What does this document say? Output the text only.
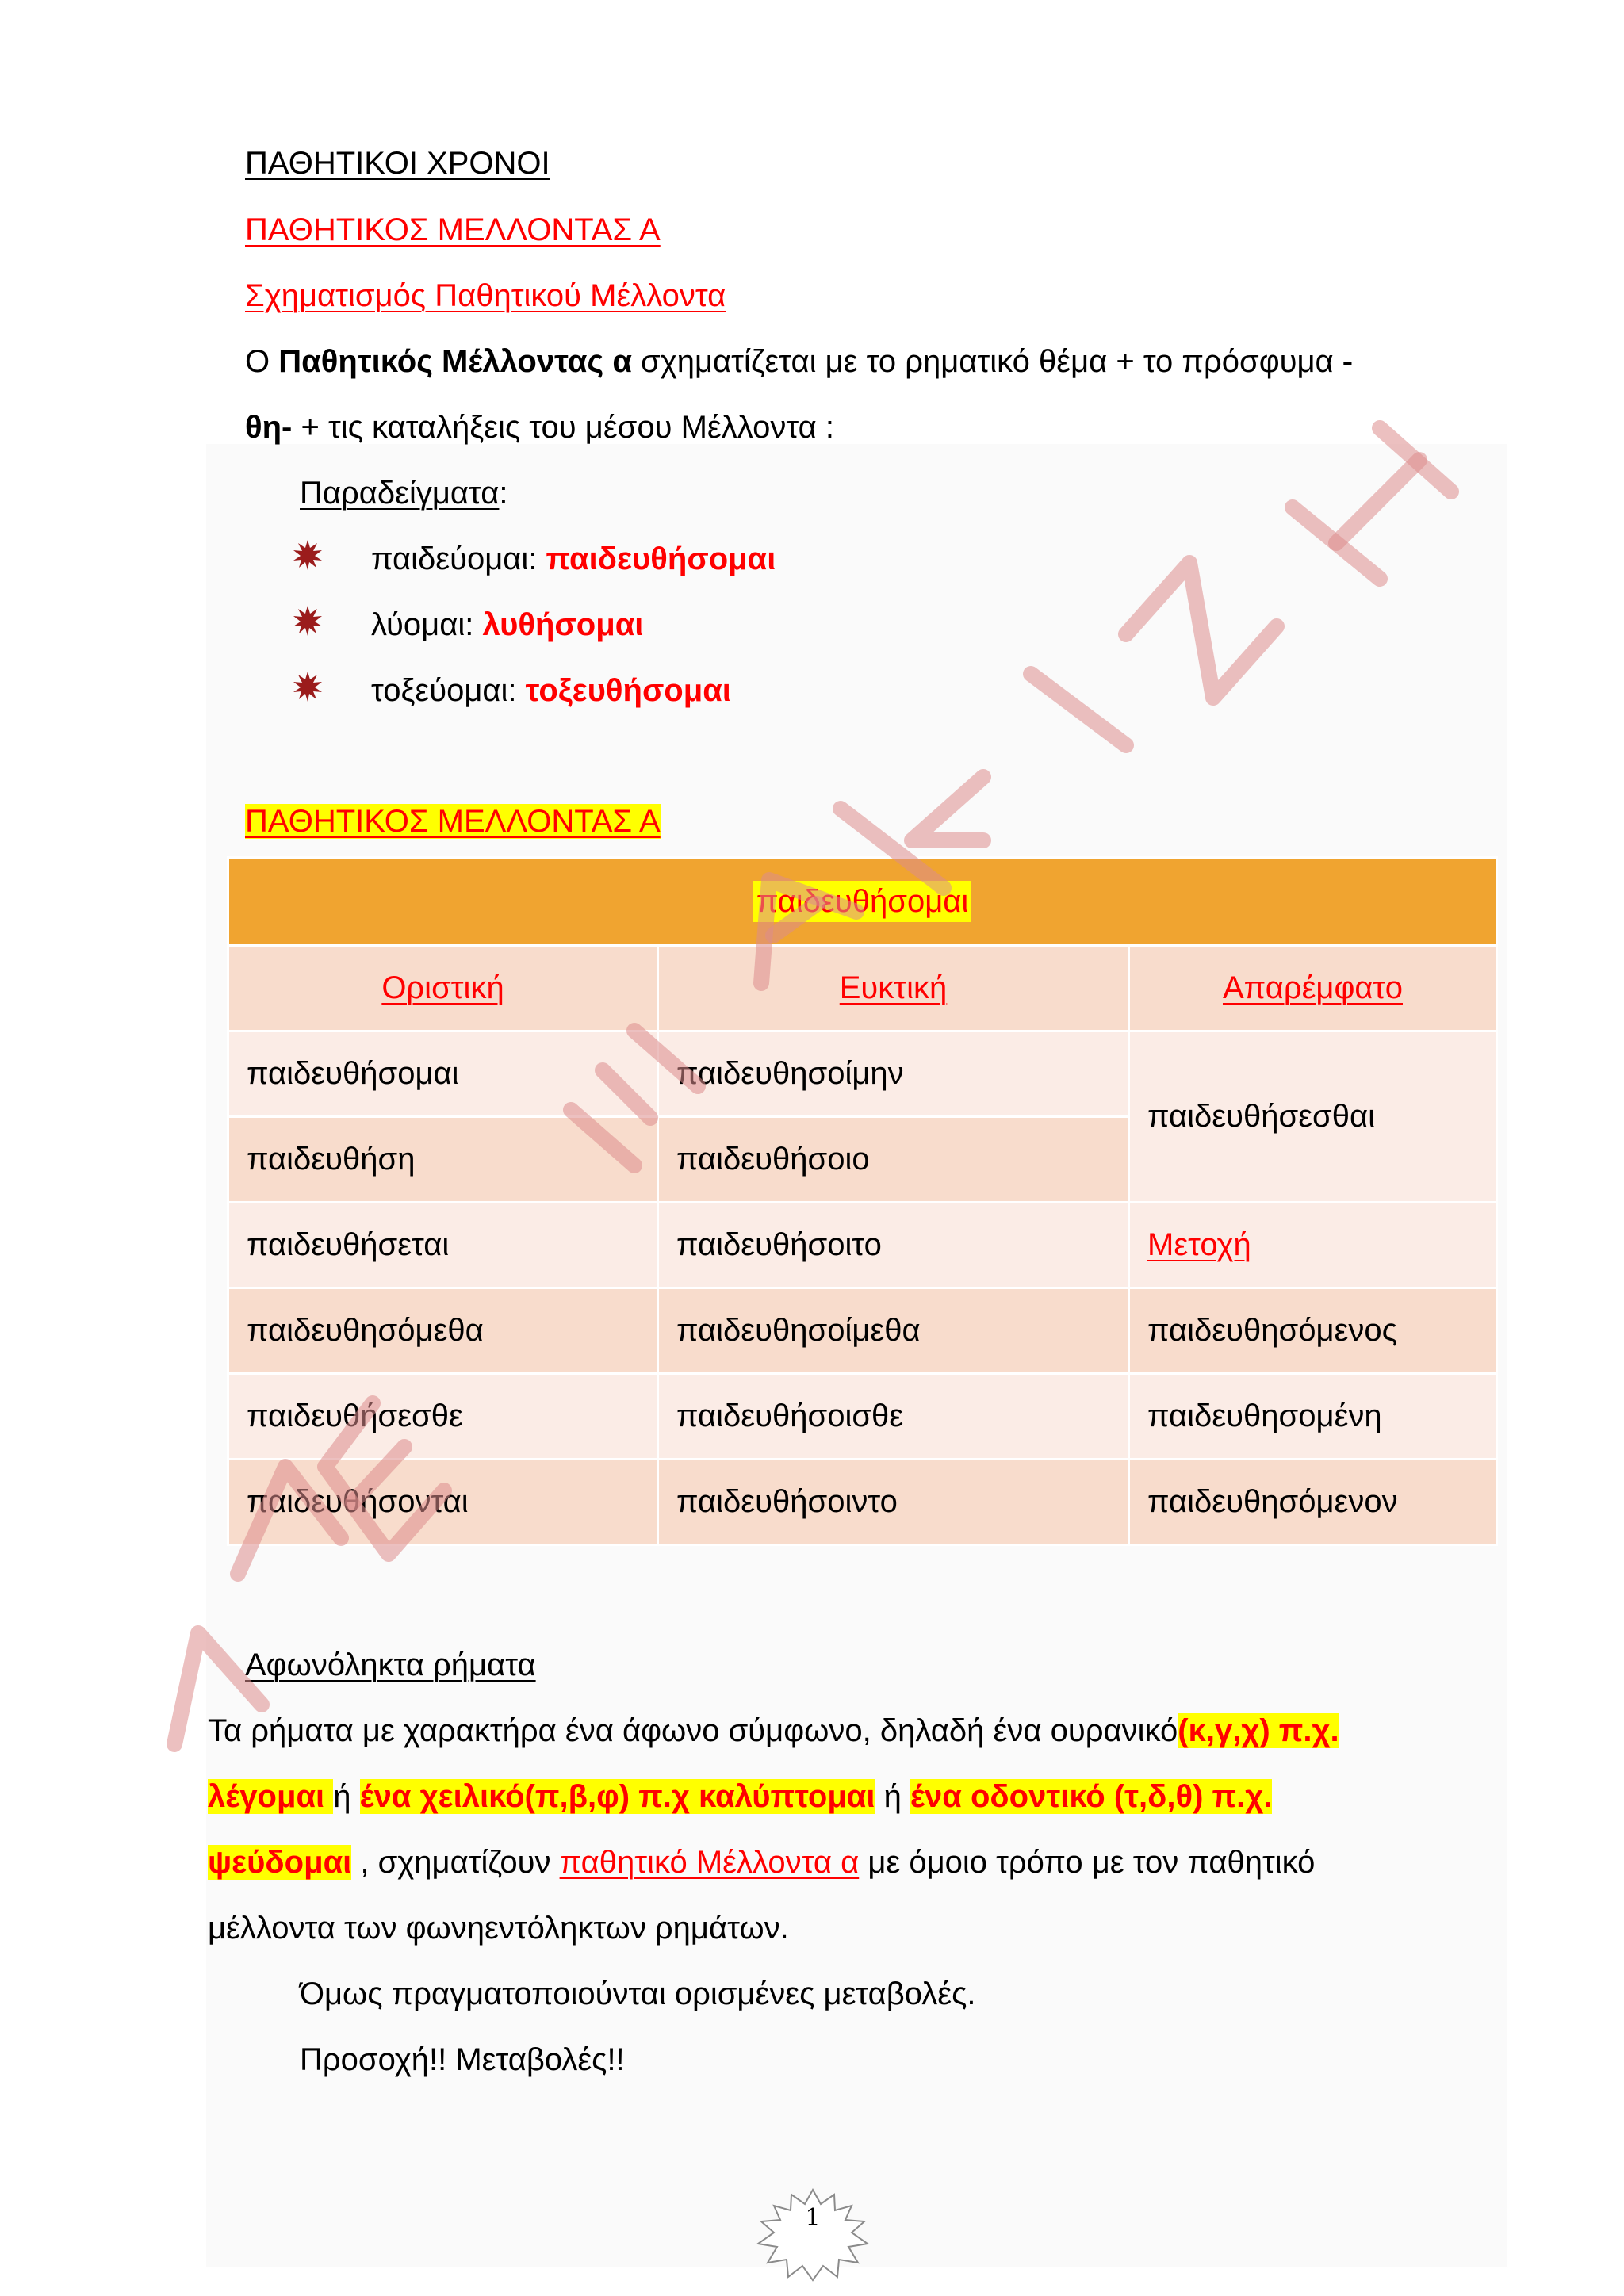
ΠΑΘΗΤΙΚΟΙ ΧΡΟΝΟΙ
ΠΑΘΗΤΙΚΟΣ ΜΕΛΛΟΝΤΑΣ Α
Σχηματισμός Παθητικού Μέλλοντα
Ο Παθητικός Μέλλοντας α σχηματίζεται με το ρηματικό θέμα + το πρόσφυμα -
θη- + τις καταλήξεις του μέσου Μέλλοντα :
Παραδείγματα:
παιδεύομαι: παιδευθήσομαι
λύομαι: λυθήσομαι
τοξεύομαι: τοξευθήσομαι
ΠΑΘΗΤΙΚΟΣ ΜΕΛΛΟΝΤΑΣ Α
παιδευθήσομαι		
Οριστική	Ευκτική	Απαρέμφατο
παιδευθήσομαι	παιδευθησοίμην	παιδευθήσεσθαι
παιδευθήση	παιδευθήσοιο	
παιδευθήσεται	παιδευθήσοιτο	Μετοχή
παιδευθησόμεθα	παιδευθησοίμεθα	παιδευθησόμενος
παιδευθήσεσθε	παιδευθήσοισθε	παιδευθησομένη
παιδευθήσονται	παιδευθήσοιντο	παιδευθησόμενον
Αφωνόληκτα ρήματα
Τα ρήματα με χαρακτήρα ένα άφωνο σύμφωνο, δηλαδή ένα ουρανικό(κ,γ,χ) π.χ.
λέγομαι ή ένα χειλικό(π,β,φ) π.χ καλύπτομαι ή ένα οδοντικό (τ,δ,θ) π.χ.
ψεύδομαι , σχηματίζουν παθητικό Μέλλοντα α με όμοιο τρόπο με τον παθητικό
μέλλοντα των φωνηεντόληκτων ρημάτων.
Όμως πραγματοποιούνται ορισμένες μεταβολές.
Προσοχή!! Μεταβολές!!
1
